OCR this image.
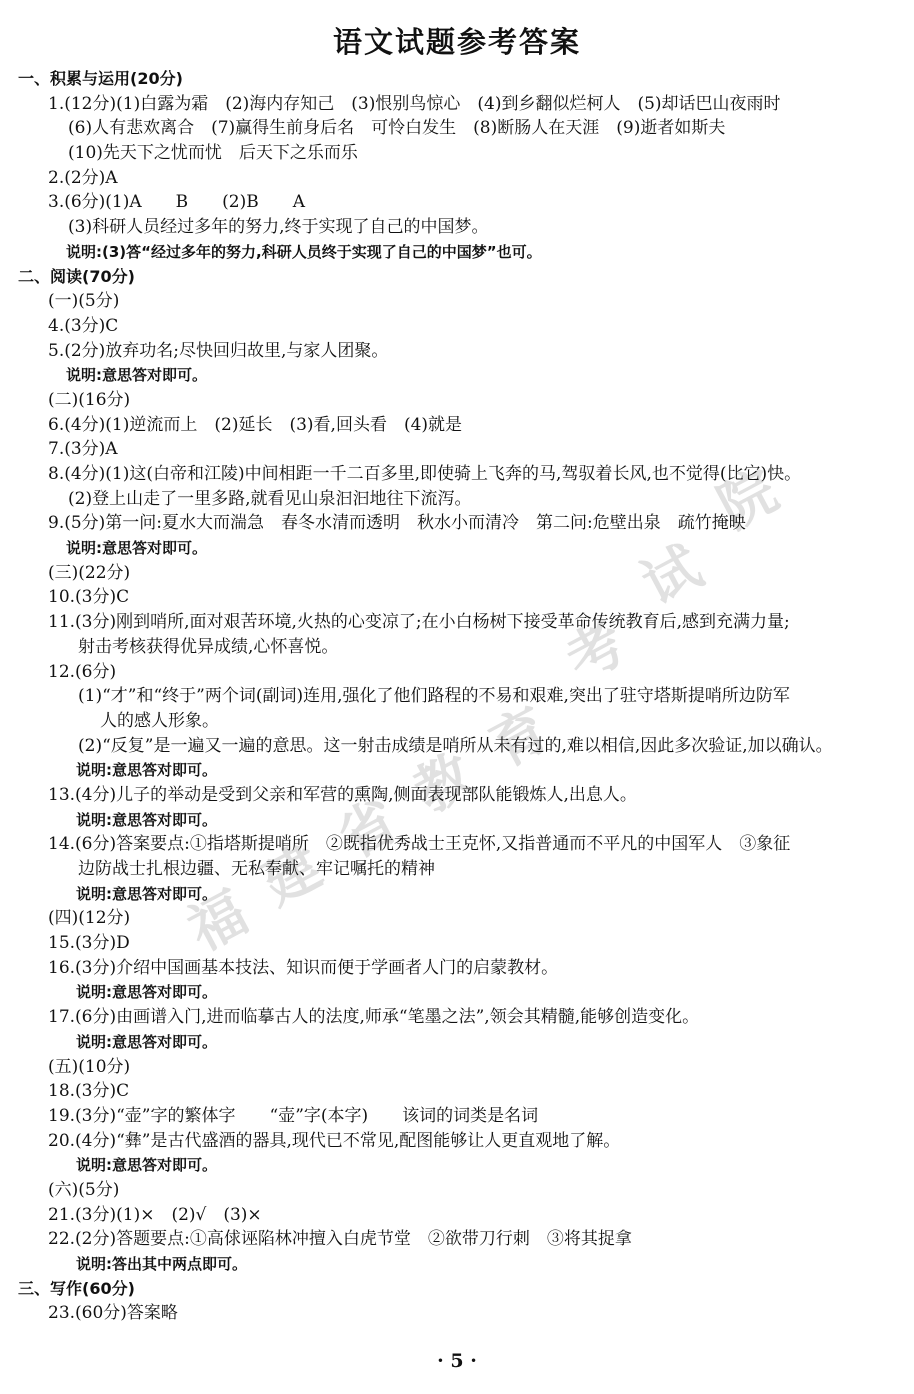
语文试题参考答案
福
建
省
教
育
考
试
院
一、积累与运用(20分)
1.(12分)(1)白露为霜　(2)海内存知己　(3)恨别鸟惊心　(4)到乡翻似烂柯人　(5)却话巴山夜雨时
(6)人有悲欢离合　(7)赢得生前身后名　可怜白发生　(8)断肠人在天涯　(9)逝者如斯夫
(10)先天下之忧而忧　后天下之乐而乐
2.(2分)A
3.(6分)(1)A　　B　　(2)B　　A
(3)科研人员经过多年的努力,终于实现了自己的中国梦。
说明:(3)答“经过多年的努力,科研人员终于实现了自己的中国梦”也可。
二、阅读(70分)
(一)(5分)
4.(3分)C
5.(2分)放弃功名;尽快回归故里,与家人团聚。
说明:意思答对即可。
(二)(16分)
6.(4分)(1)逆流而上　(2)延长　(3)看,回头看　(4)就是
7.(3分)A
8.(4分)(1)这(白帝和江陵)中间相距一千二百多里,即使骑上飞奔的马,驾驭着长风,也不觉得(比它)快。
(2)登上山走了一里多路,就看见山泉汩汩地往下流泻。
9.(5分)第一问:夏水大而湍急　春冬水清而透明　秋水小而清冷　第二问:危壁出泉　疏竹掩映
说明:意思答对即可。
(三)(22分)
10.(3分)C
11.(3分)刚到哨所,面对艰苦环境,火热的心变凉了;在小白杨树下接受革命传统教育后,感到充满力量;
射击考核获得优异成绩,心怀喜悦。
12.(6分)
(1)“才”和“终于”两个词(副词)连用,强化了他们路程的不易和艰难,突出了驻守塔斯提哨所边防军
人的感人形象。
(2)“反复”是一遍又一遍的意思。这一射击成绩是哨所从未有过的,难以相信,因此多次验证,加以确认。
说明:意思答对即可。
13.(4分)儿子的举动是受到父亲和军营的熏陶,侧面表现部队能锻炼人,出息人。
说明:意思答对即可。
14.(6分)答案要点:①指塔斯提哨所　②既指优秀战士王克怀,又指普通而不平凡的中国军人　③象征
边防战士扎根边疆、无私奉献、牢记嘱托的精神
说明:意思答对即可。
(四)(12分)
15.(3分)D
16.(3分)介绍中国画基本技法、知识而便于学画者人门的启蒙教材。
说明:意思答对即可。
17.(6分)由画谱入门,进而临摹古人的法度,师承“笔墨之法”,领会其精髓,能够创造变化。
说明:意思答对即可。
(五)(10分)
18.(3分)C
19.(3分)“壶”字的繁体字　　“壶”字(本字)　　该词的词类是名词
20.(4分)“彝”是古代盛酒的器具,现代已不常见,配图能够让人更直观地了解。
说明:意思答对即可。
(六)(5分)
21.(3分)(1)×　(2)√　(3)×
22.(2分)答题要点:①高俅诬陷林冲擅入白虎节堂　②欲带刀行刺　③将其捉拿
说明:答出其中两点即可。
三、写作(60分)
23.(60分)答案略
· 5 ·
